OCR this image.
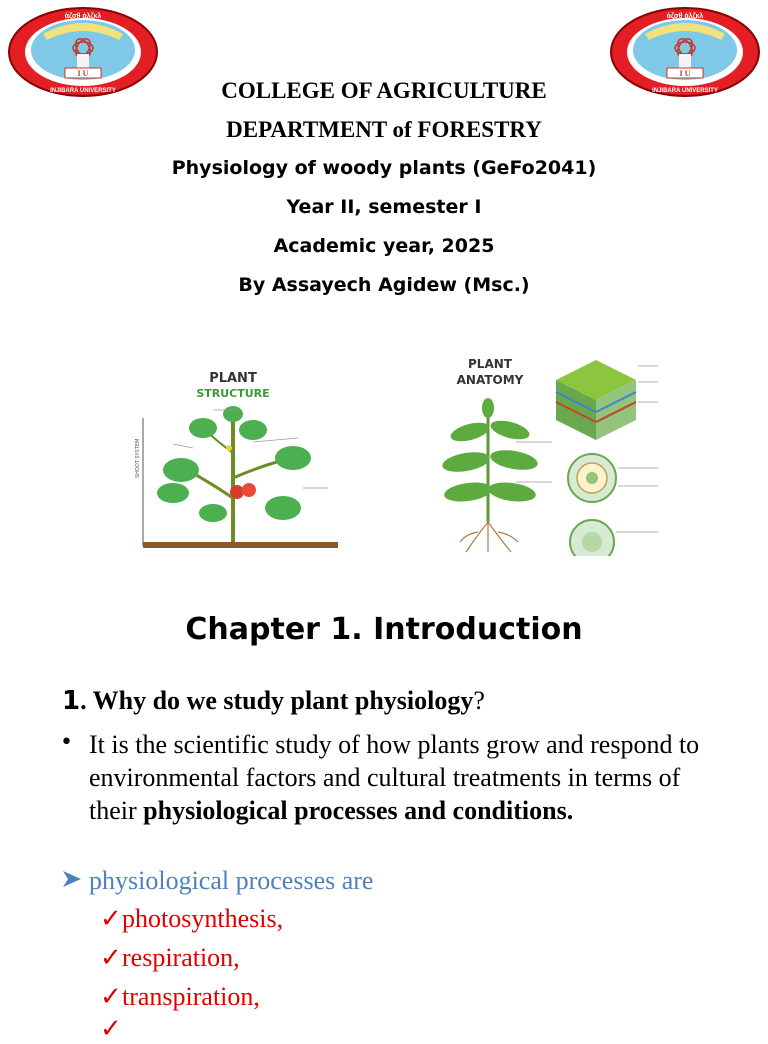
I U
INJIBARA UNIVERSITY
ἁζσθ ἁλζκλ
I U
INJIBARA UNIVERSITY
ἁζσθ ἁλζκλ
COLLEGE OF AGRICULTURE
DEPARTMENT of FORESTRY
Physiology of woody plants (GeFo2041)
Year II, semester I
Academic year, 2025
By Assayech Agidew (Msc.)
PLANT
STRUCTURE
SHOOT SYSTEM
PLANT
ANATOMY
Chapter 1. Introduction
1. Why do we study plant physiology?
• It is the scientific study of how plants grow and respond to environmental factors and cultural treatments in terms of their physiological processes and conditions.
physiological processes are
✓photosynthesis,
✓respiration,
✓transpiration,
✓
